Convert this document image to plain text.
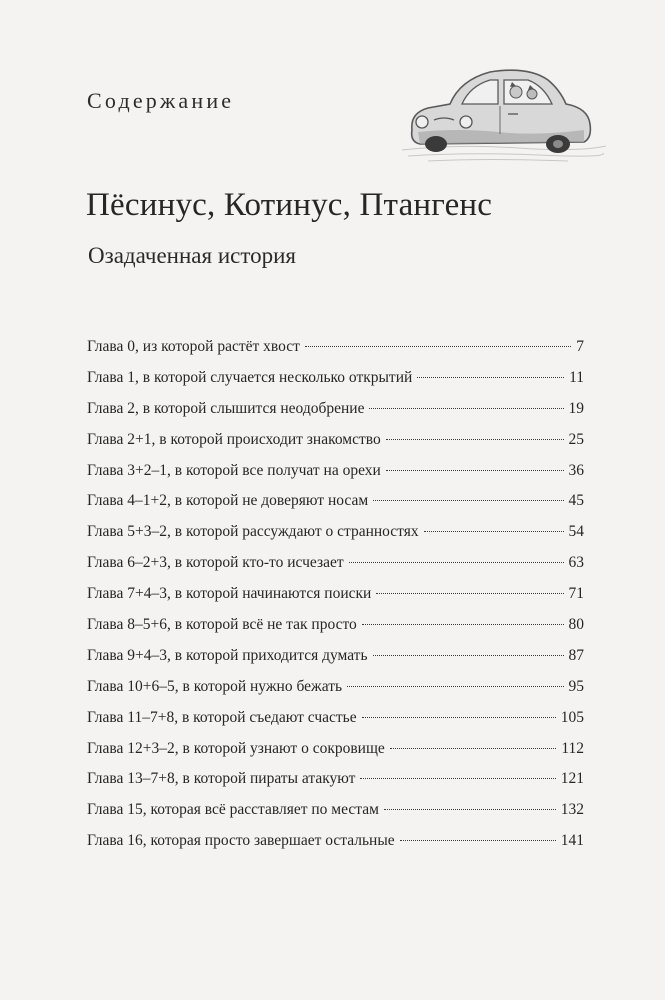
Содержание
Пёсинус, Котинус, Птангенс
Озадаченная история
Глава 0, из которой растёт хвост	7
Глава 1, в которой случается несколько открытий	11
Глава 2, в которой слышится неодобрение	19
Глава 2+1, в которой происходит знакомство	25
Глава 3+2–1, в которой все получат на орехи	36
Глава 4–1+2, в которой не доверяют носам	45
Глава 5+3–2, в которой рассуждают о странностях	54
Глава 6–2+3, в которой кто-то исчезает	63
Глава 7+4–3, в которой начинаются поиски	71
Глава 8–5+6, в которой всё не так просто	80
Глава 9+4–3, в которой приходится думать	87
Глава 10+6–5, в которой нужно бежать	95
Глава 11–7+8, в которой съедают счастье	105
Глава 12+3–2, в которой узнают о сокровище	112
Глава 13–7+8, в которой пираты атакуют	121
Глава 15, которая всё расставляет по местам	132
Глава 16, которая просто завершает остальные	141
